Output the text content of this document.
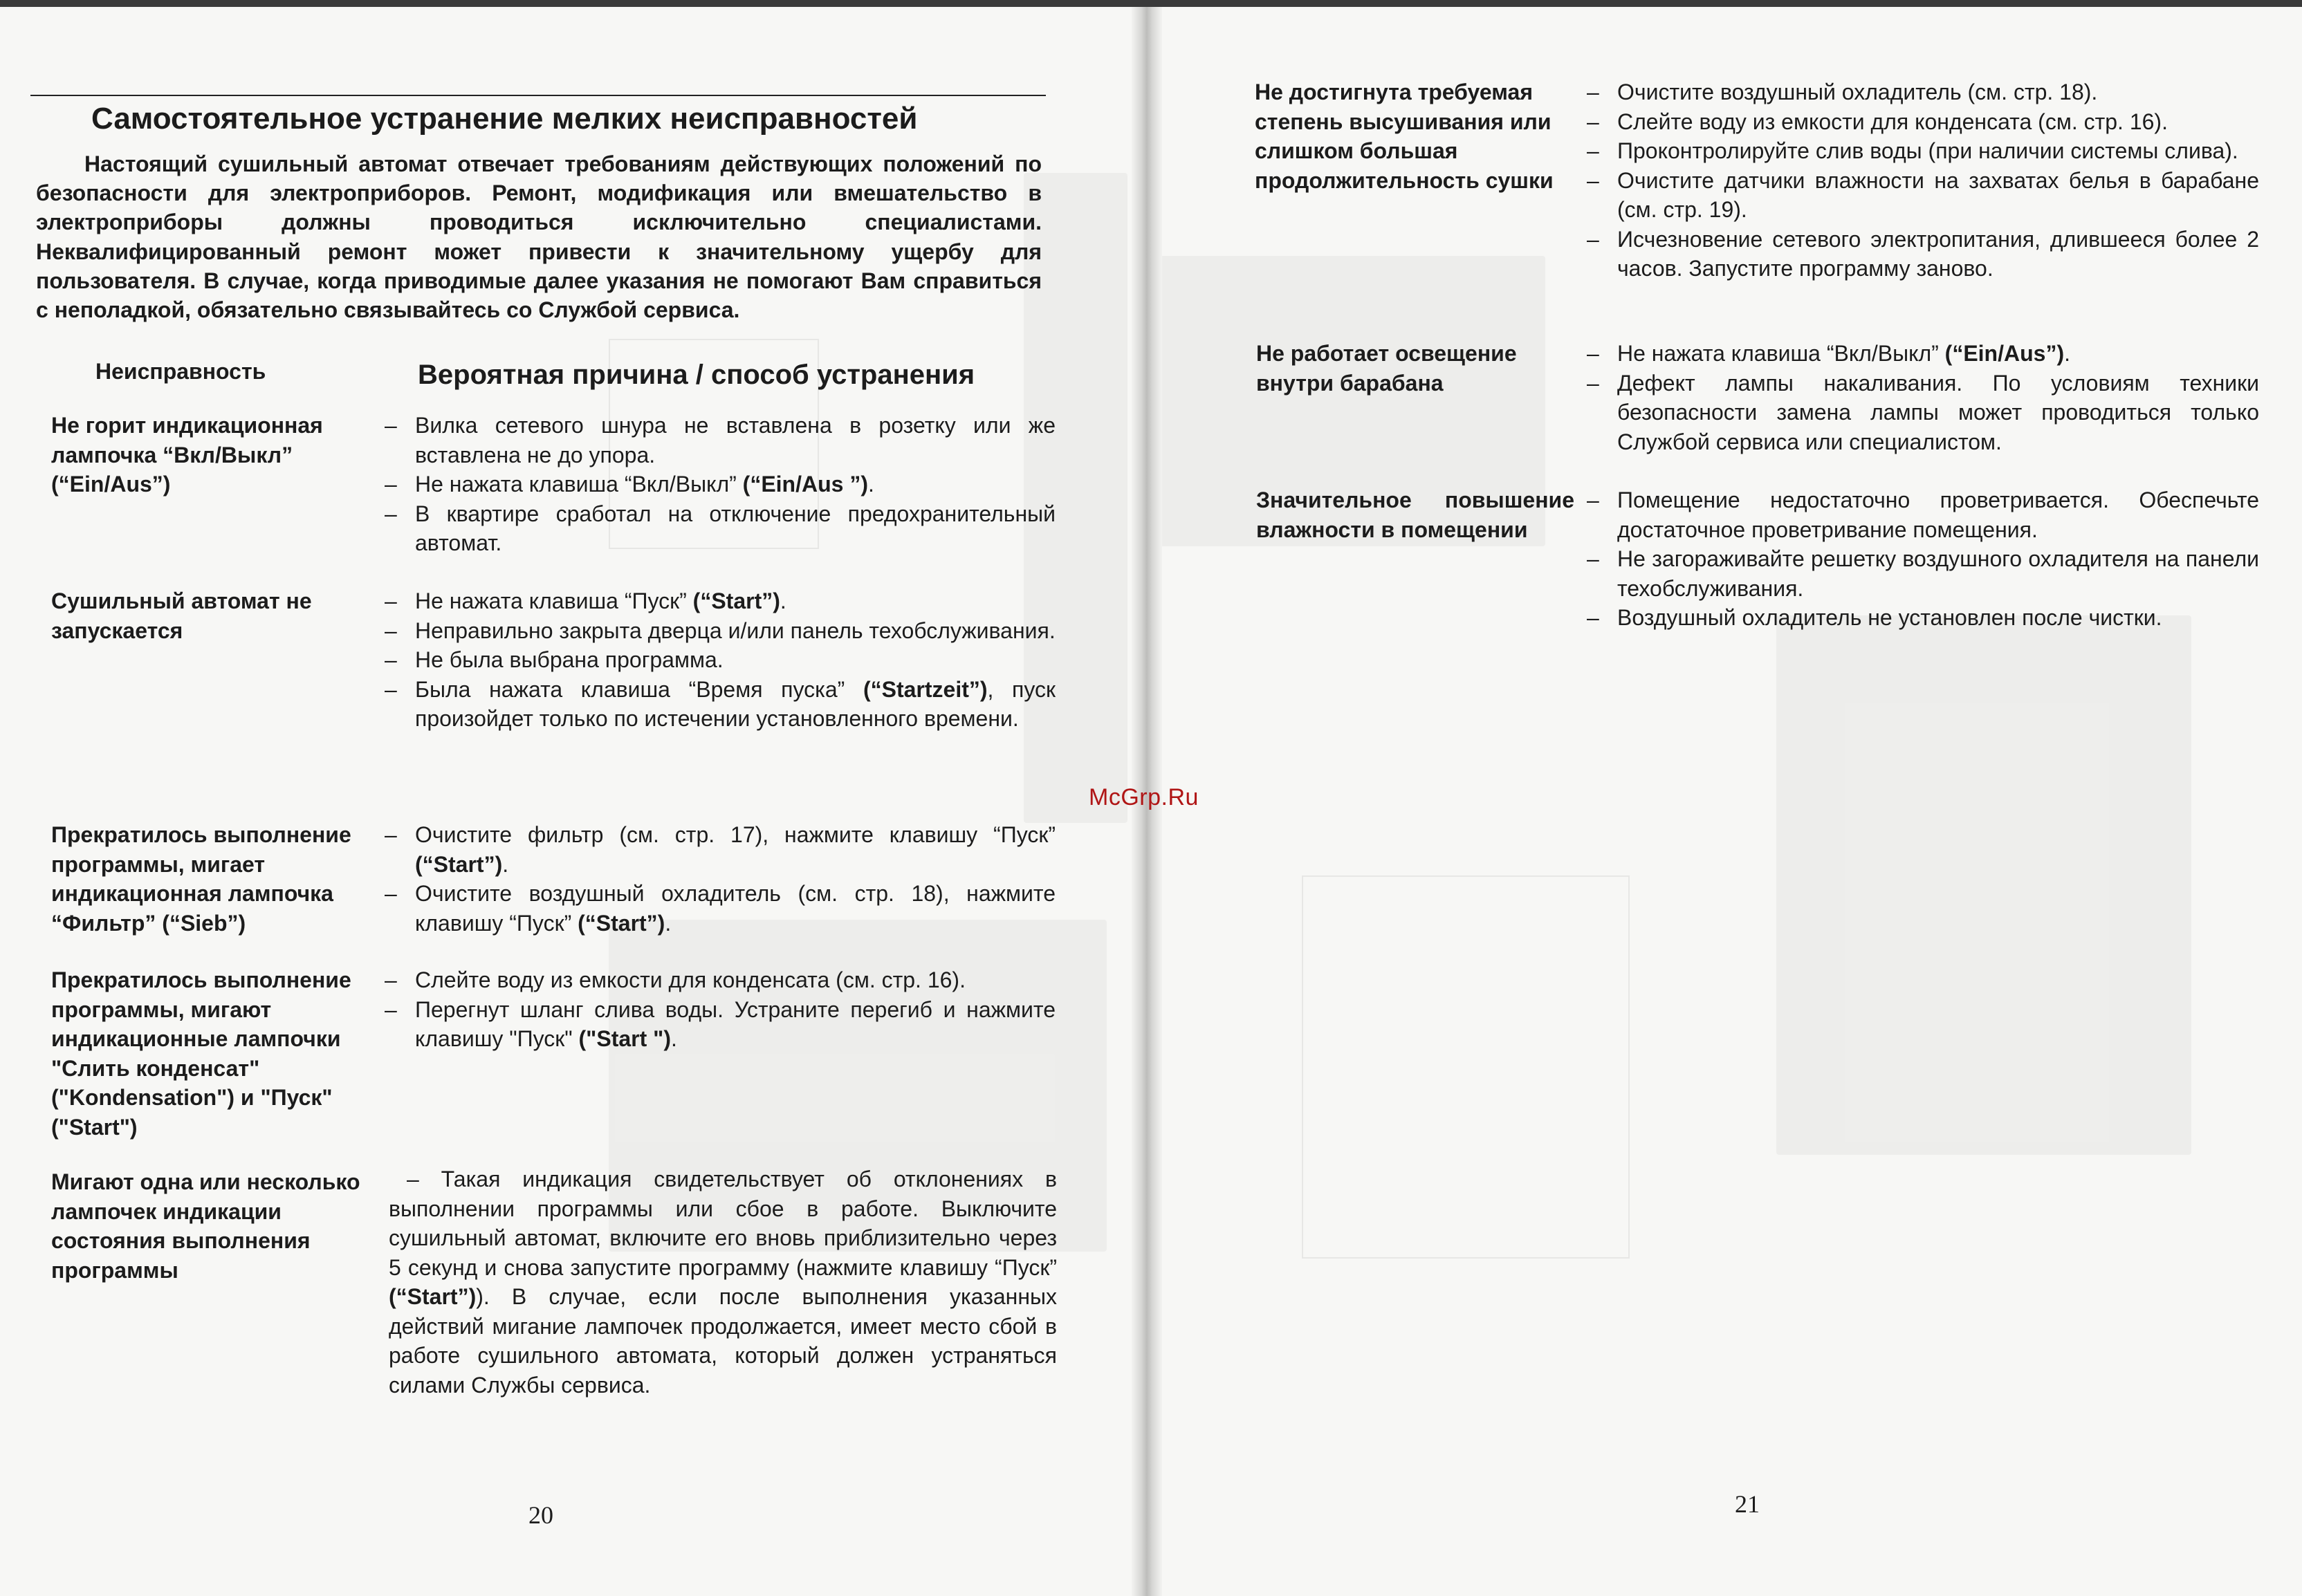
Самостоятельное устранение мелких неисправностей

Настоящий сушильный автомат отвечает требованиям действующих положений по безопасности для электроприборов. Ремонт, модификация или вмешательство в электроприборы должны проводиться исключительно специалистами. Неквалифицированный ремонт может привести к значительному ущербу для пользователя. В случае, когда приводимые далее указания не помогают Вам справиться с неполадкой, обязательно связывайтесь со Службой сервиса.

Неисправность	Вероятная причина / способ устранения

Не горит индикационная лампочка “Вкл/Выкл” (“Ein/Aus”)

– Вилка сетевого шнура не вставлена в розетку или же вставлена не до упора.
– Не нажата клавиша “Вкл/Выкл” (“Ein/Aus ”).
– В квартире сработал на отключение предохранительный автомат.

Сушильный автомат не запускается

– Не нажата клавиша “Пуск” (“Start”).
– Неправильно закрыта дверца и/или панель техобслуживания.
– Не была выбрана программа.
– Была нажата клавиша “Время пуска” (“Startzeit”), пуск произойдет только по истечении установленного времени.

Прекратилось выполнение программы, мигает индикационная лампочка “Фильтр” (“Sieb”)

– Очистите фильтр (см. стр. 17), нажмите клавишу “Пуск” (“Start”).
– Очистите воздушный охладитель (см. стр. 18), нажмите клавишу “Пуск” (“Start”).

Прекратилось выполнение программы, мигают индикационные лампочки "Слить конденсат" ("Kondensation") и "Пуск" ("Start")

– Слейте воду из емкости для конденсата (см. стр. 16).
– Перегнут шланг слива воды. Устраните перегиб и нажмите клавишу "Пуск" ("Start ").

Мигают одна или несколько лампочек индикации состояния выполнения программы

– Такая индикация свидетельствует об отклонениях в выполнении программы или сбое в работе. Выключите сушильный автомат, включите его вновь приблизительно через 5 секунд и снова запустите программу (нажмите клавишу “Пуск” (“Start”)). В случае, если после выполнения указанных действий мигание лампочек продолжается, имеет место сбой в работе сушильного автомата, который должен устраняться силами Службы сервиса.

20

Не достигнута требуемая степень высушивания или слишком большая продолжительность сушки

– Очистите воздушный охладитель (см. стр. 18).
– Слейте воду из емкости для конденсата (см. стр. 16).
– Проконтролируйте слив воды (при наличии системы слива).
– Очистите датчики влажности на захватах белья в барабане (см. стр. 19).
– Исчезновение сетевого электропитания, длившееся более 2 часов. Запустите программу заново.

Не работает освещение внутри барабана

– Не нажата клавиша “Вкл/Выкл” (“Ein/Aus”).
– Дефект лампы накаливания. По условиям техники безопасности замена лампы может проводиться только Службой сервиса или специалистом.

Значительное повышение влажности в помещении

– Помещение недостаточно проветривается. Обеспечьте достаточное проветривание помещения.
– Не загораживайте решетку воздушного охладителя на панели техобслуживания.
– Воздушный охладитель не установлен после чистки.

21

McGrp.Ru
